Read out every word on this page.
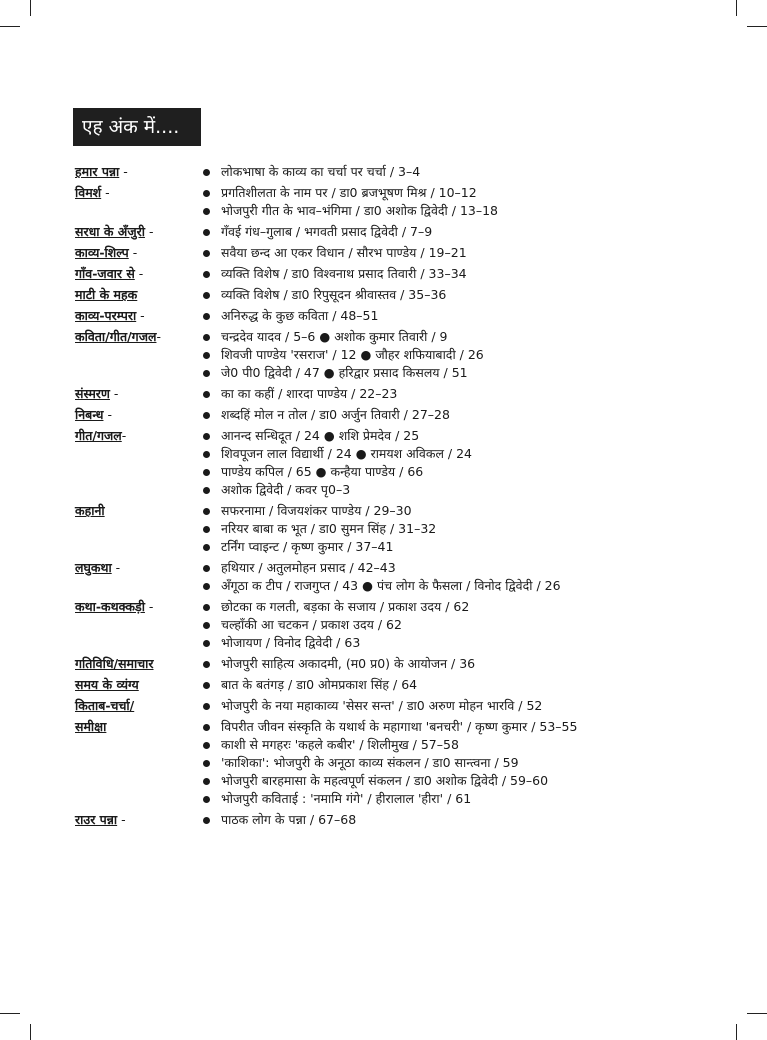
एह अंक में....
हमार पन्ना -	लोकभाषा के काव्य का चर्चा पर चर्चा / 3–4
विमर्श -	प्रगतिशीलता के नाम पर / डा0 ब्रजभूषण मिश्र / 10–12
भोजपुरी गीत के भाव–भंगिमा / डा0 अशोक द्विवेदी / 13–18
सरधा के अँजुरी -	गँवई गंध–गुलाब / भगवती प्रसाद द्विवेदी / 7–9
काव्य-शिल्प -	सवैया छन्द आ एकर विधान / सौरभ पाण्डेय / 19–21
गाँव-जवार से -	व्यक्ति विशेष / डा0 विश्वनाथ प्रसाद तिवारी / 33–34
माटी के महक	व्यक्ति विशेष / डा0 रिपुसूदन श्रीवास्तव / 35–36
काव्य-परम्परा -	अनिरुद्ध के कुछ कविता / 48–51
कविता/गीत/गजल-	चन्द्रदेव यादव / 5–6 ● अशोक कुमार तिवारी / 9
शिवजी पाण्डेय 'रसराज' / 12 ● जौहर शफियाबादी / 26
जे0 पी0 द्विवेदी / 47 ● हरिद्वार प्रसाद किसलय / 51
संस्मरण -	का का कहीं / शारदा पाण्डेय / 22–23
निबन्ध -	शब्दहिं मोल न तोल / डा0 अर्जुन तिवारी / 27–28
गीत/गजल-	आनन्द सन्धिदूत / 24 ● शशि प्रेमदेव / 25
शिवपूजन लाल विद्यार्थी / 24 ● रामयश अविकल / 24
पाण्डेय कपिल / 65 ● कन्हैया पाण्डेय / 66
अशोक द्विवेदी / कवर पृ0–3
कहानी	सफरनामा / विजयशंकर पाण्डेय / 29–30
नरियर बाबा क भूत / डा0 सुमन सिंह / 31–32
टर्निंग प्वाइन्ट / कृष्ण कुमार / 37–41
लघुकथा -	हथियार / अतुलमोहन प्रसाद / 42–43
अँगूठा क टीप / राजगुप्त / 43 ● पंच लोग के फैसला / विनोद द्विवेदी / 26
कथा-कथक्कड़ी -	छोटका क गलती, बड़का के सजाय / प्रकाश उदय / 62
चल्हाँकी आ चटकन / प्रकाश उदय / 62
भोजायण / विनोद द्विवेदी / 63
गतिविधि/समाचार	भोजपुरी साहित्य अकादमी, (म0 प्र0) के आयोजन / 36
समय के व्यंग्य	बात के बतंगड़ / डा0 ओमप्रकाश सिंह / 64
किताब-चर्चा/	भोजपुरी के नया महाकाव्य 'सेसर सन्त' / डा0 अरुण मोहन भारवि / 52
समीक्षा	विपरीत जीवन संस्कृति के यथार्थ के महागाथा 'बनचरी' / कृष्ण कुमार / 53–55
काशी से मगहरः 'कहले कबीर' / शिलीमुख / 57–58
'काशिका': भोजपुरी के अनूठा काव्य संकलन / डा0 सान्त्वना / 59
भोजपुरी बारहमासा के महत्वपूर्ण संकलन / डा0 अशोक द्विवेदी / 59–60
भोजपुरी कविताई : 'नमामि गंगे' / हीरालाल 'हीरा' / 61
राउर पन्ना -	पाठक लोग के पन्ना / 67–68
